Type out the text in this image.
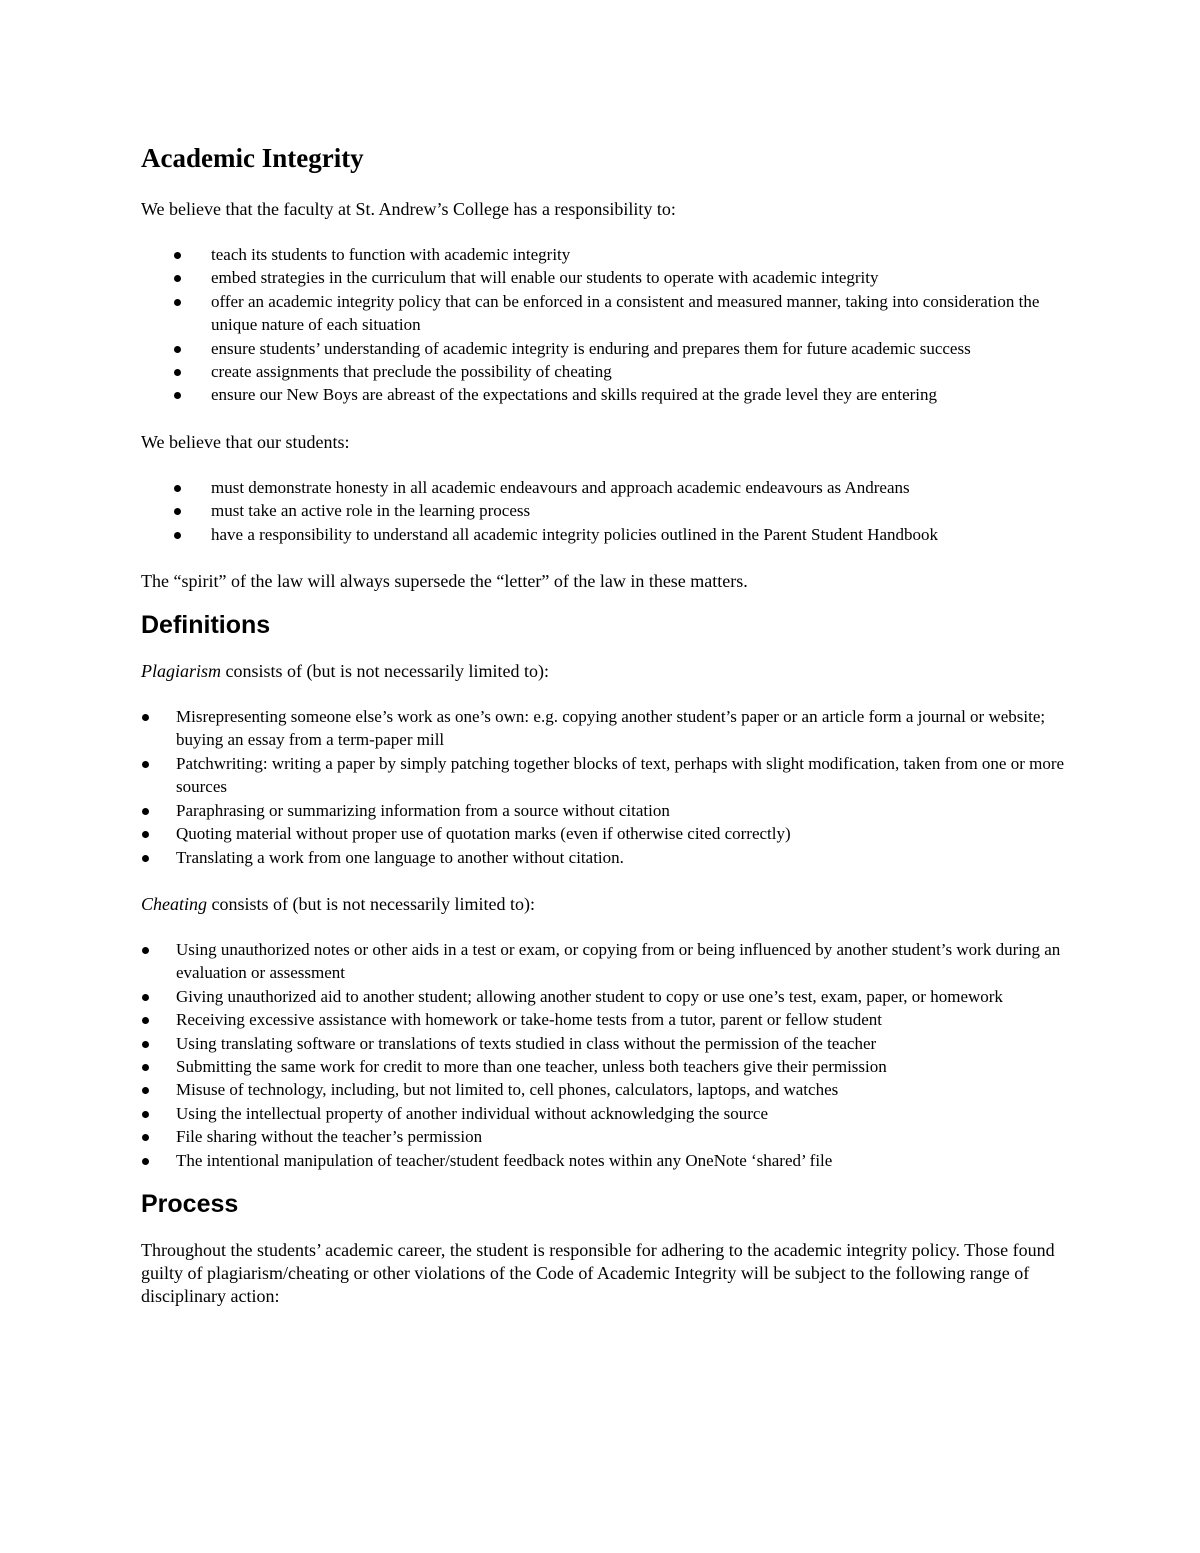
Academic Integrity

We believe that the faculty at St. Andrew’s College has a responsibility to:

teach its students to function with academic integrity
embed strategies in the curriculum that will enable our students to operate with academic integrity
offer an academic integrity policy that can be enforced in a consistent and measured manner, taking into consideration the unique nature of each situation
ensure students’ understanding of academic integrity is enduring and prepares them for future academic success
create assignments that preclude the possibility of cheating
ensure our New Boys are abreast of the expectations and skills required at the grade level they are entering

We believe that our students:

must demonstrate honesty in all academic endeavours and approach academic endeavours as Andreans
must take an active role in the learning process
have a responsibility to understand all academic integrity policies outlined in the Parent Student Handbook

The “spirit” of the law will always supersede the “letter” of the law in these matters.

Definitions

Plagiarism consists of (but is not necessarily limited to):

Misrepresenting someone else’s work as one’s own: e.g. copying another student’s paper or an article form a journal or website; buying an essay from a term-paper mill
Patchwriting: writing a paper by simply patching together blocks of text, perhaps with slight modification, taken from one or more sources
Paraphrasing or summarizing information from a source without citation
Quoting material without proper use of quotation marks (even if otherwise cited correctly)
Translating a work from one language to another without citation.

Cheating consists of (but is not necessarily limited to):

Using unauthorized notes or other aids in a test or exam, or copying from or being influenced by another student’s work during an evaluation or assessment
Giving unauthorized aid to another student; allowing another student to copy or use one’s test, exam, paper, or homework
Receiving excessive assistance with homework or take-home tests from a tutor, parent or fellow student
Using translating software or translations of texts studied in class without the permission of the teacher
Submitting the same work for credit to more than one teacher, unless both teachers give their permission
Misuse of technology, including, but not limited to, cell phones, calculators, laptops, and watches
Using the intellectual property of another individual without acknowledging the source
File sharing without the teacher’s permission
The intentional manipulation of teacher/student feedback notes within any OneNote ‘shared’ file
Process

Throughout the students’ academic career, the student is responsible for adhering to the academic integrity policy. Those found guilty of plagiarism/cheating or other violations of the Code of Academic Integrity will be subject to the following range of disciplinary action:
